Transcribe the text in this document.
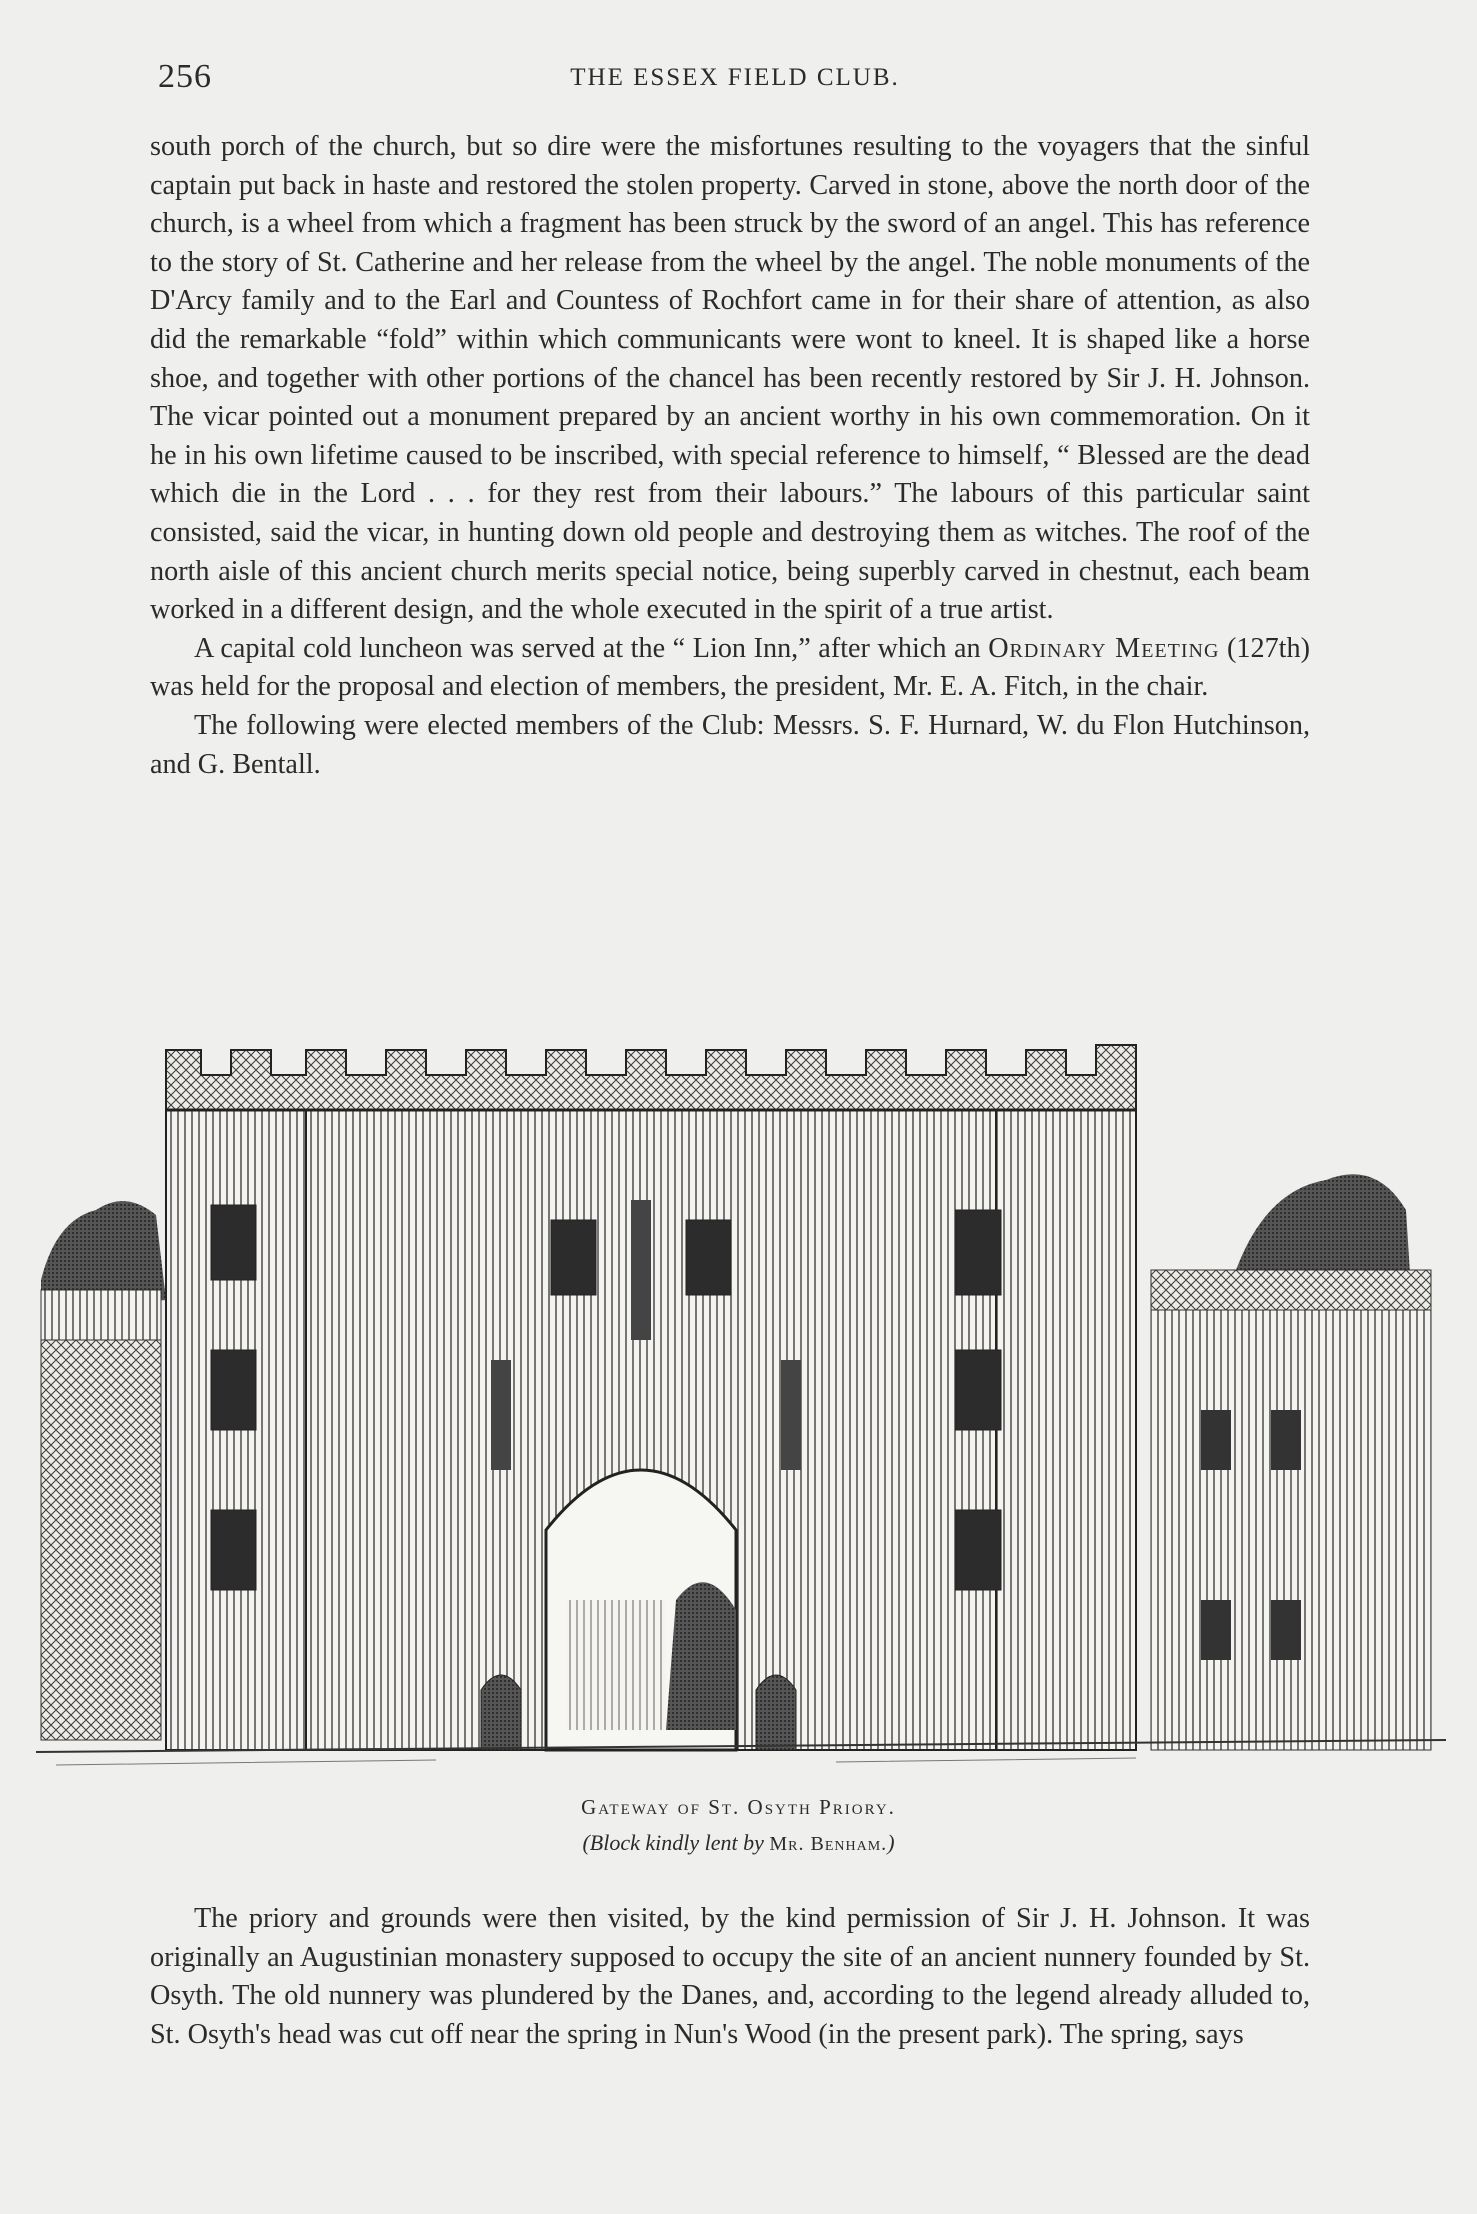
256	THE ESSEX FIELD CLUB.

south porch of the church, but so dire were the misfortunes resulting to the voyagers that the sinful captain put back in haste and restored the stolen property. Carved in stone, above the north door of the church, is a wheel from which a fragment has been struck by the sword of an angel. This has reference to the story of St. Catherine and her release from the wheel by the angel. The noble monuments of the D'Arcy family and to the Earl and Countess of Rochfort came in for their share of attention, as also did the remarkable “fold” within which communicants were wont to kneel. It is shaped like a horse shoe, and together with other portions of the chancel has been recently restored by Sir J. H. Johnson. The vicar pointed out a monument prepared by an ancient worthy in his own commemoration. On it he in his own lifetime caused to be inscribed, with special reference to himself, “ Blessed are the dead which die in the Lord . . . for they rest from their labours.” The labours of this particular saint consisted, said the vicar, in hunting down old people and destroying them as witches. The roof of the north aisle of this ancient church merits special notice, being superbly carved in chestnut, each beam worked in a different design, and the whole executed in the spirit of a true artist.

A capital cold luncheon was served at the “ Lion Inn,” after which an Ordinary Meeting (127th) was held for the proposal and election of members, the president, Mr. E. A. Fitch, in the chair.

The following were elected members of the Club: Messrs. S. F. Hurnard, W. du Flon Hutchinson, and G. Bentall.

Gateway of St. Osyth Priory.
(Block kindly lent by Mr. Benham.)

The priory and grounds were then visited, by the kind permission of Sir J. H. Johnson. It was originally an Augustinian monastery supposed to occupy the site of an ancient nunnery founded by St. Osyth. The old nunnery was plundered by the Danes, and, according to the legend already alluded to, St. Osyth's head was cut off near the spring in Nun's Wood (in the present park). The spring, says
